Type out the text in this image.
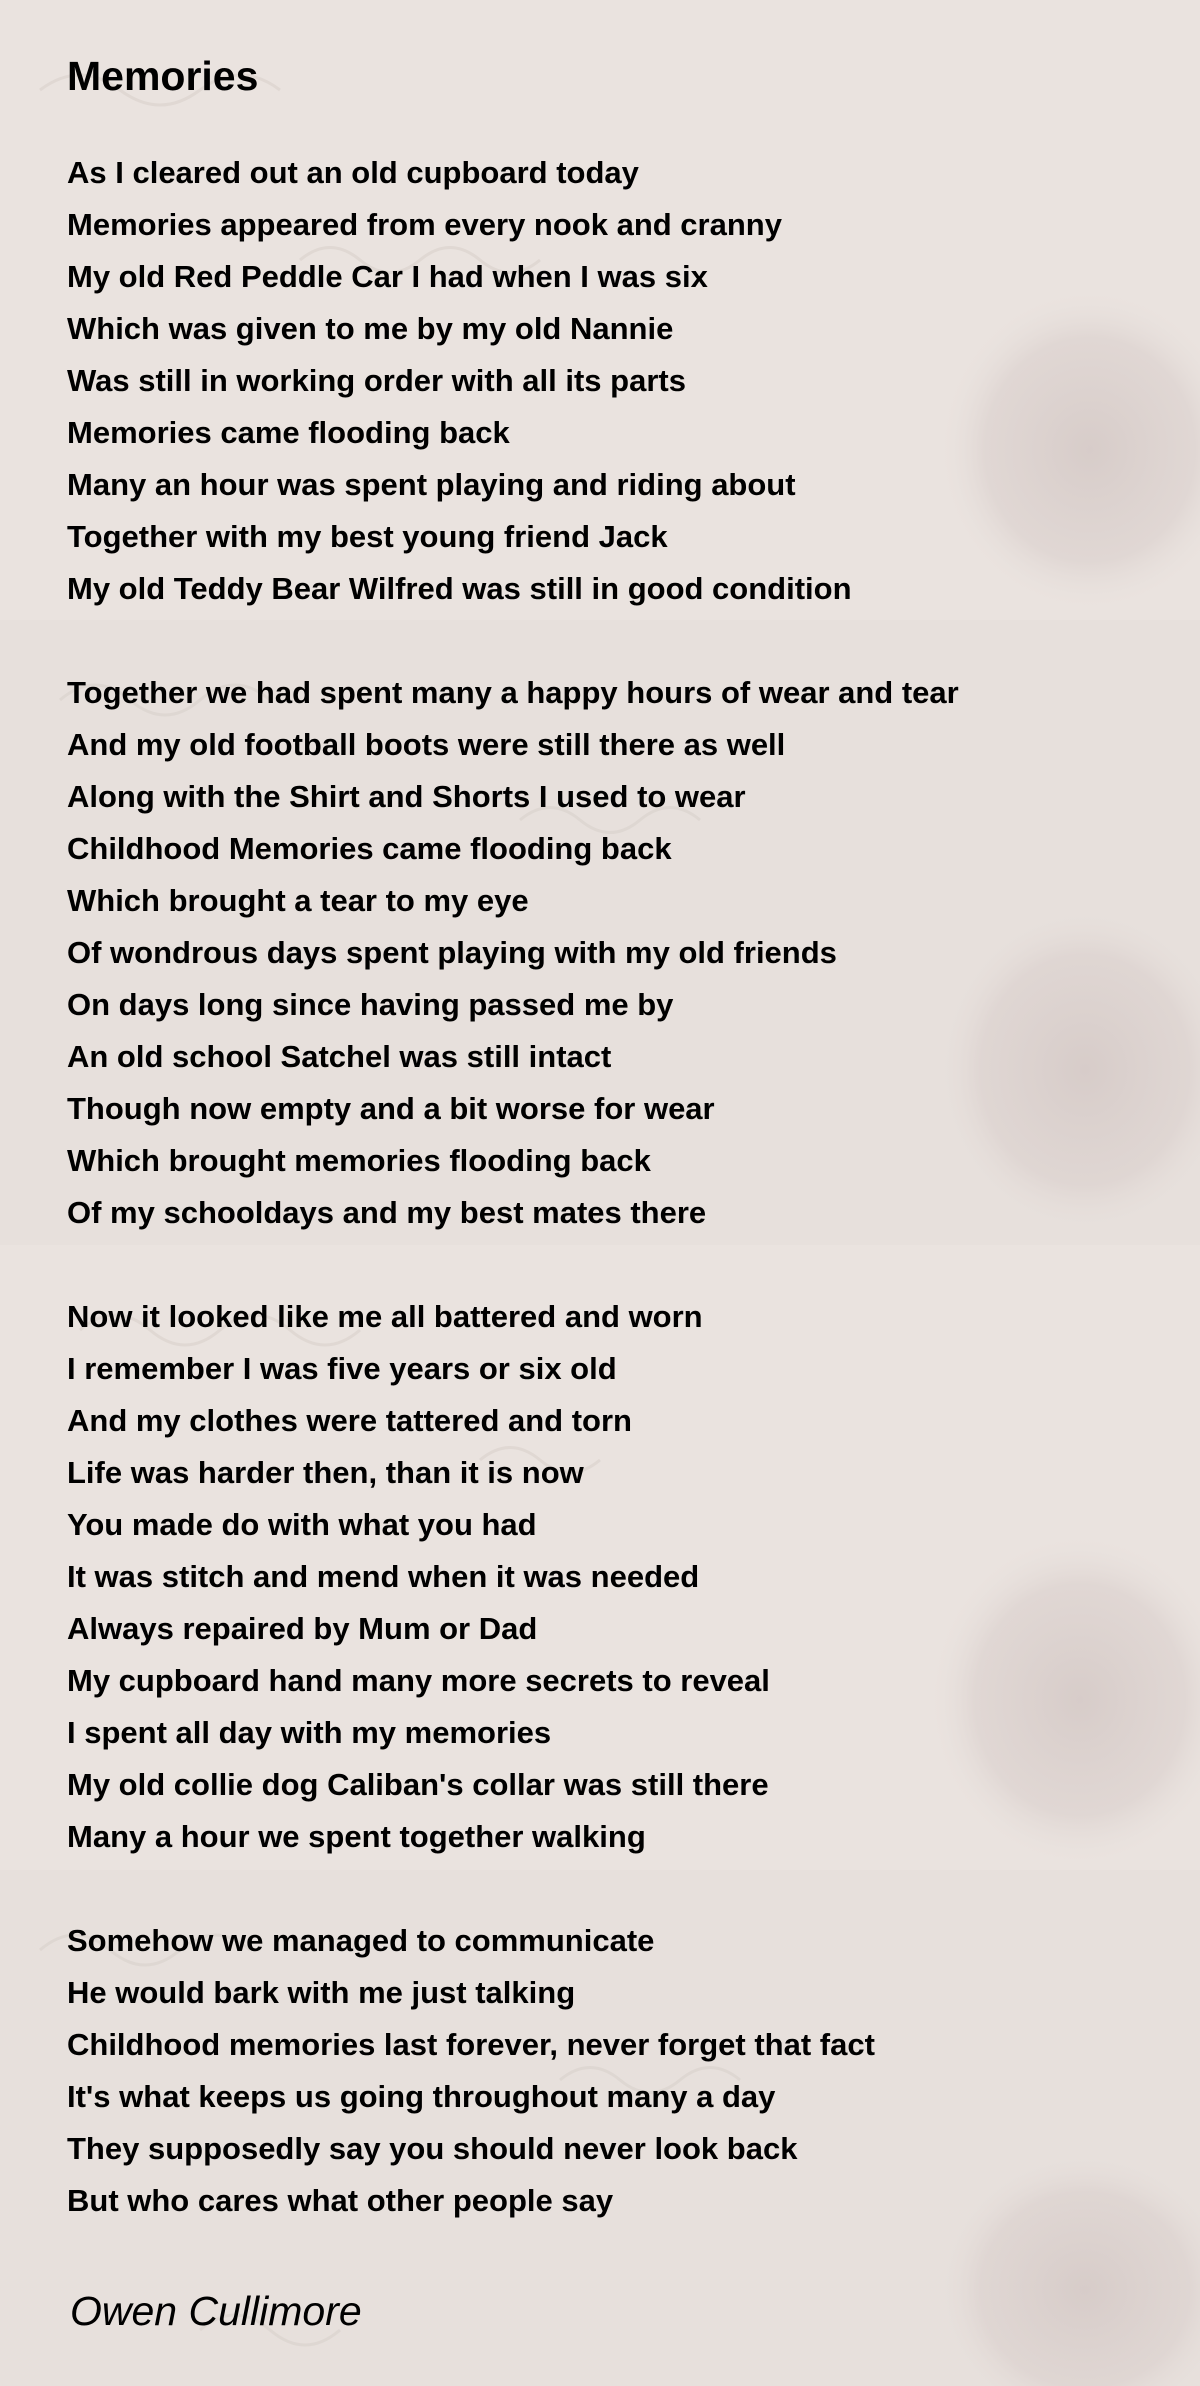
Memories
As I cleared out an old cupboard today
Memories appeared from every nook and cranny
My old Red Peddle Car I had when I was six
Which was given to me by my old Nannie
Was still in working order with all its parts
Memories came flooding back
Many an hour was spent playing and riding about
Together with my best young friend Jack
My old Teddy Bear Wilfred was still in good condition
Together we had spent many a happy hours of wear and tear
And my old football boots were still there as well
Along with the Shirt and Shorts I used to wear
Childhood Memories came flooding back
Which brought a tear to my eye
Of wondrous days spent playing with my old friends
On days long since having passed me by
An old school Satchel was still intact
Though now empty and a bit worse for wear
Which brought memories flooding back
Of my schooldays and my best mates there
Now it looked like me all battered and worn
I remember I was five years or six old
And my clothes were tattered and torn
Life was harder then, than it is now
You made do with what you had
It was stitch and mend when it was needed
Always repaired by Mum or Dad
My cupboard hand many more secrets to reveal
I spent all day with my memories
My old collie dog Caliban's collar was still there
Many a hour we spent together walking
Somehow we managed to communicate
He would bark with me just talking
Childhood memories last forever, never forget that fact
It's what keeps us going throughout many a day
They supposedly say you should never look back
But who cares what other people say
Owen Cullimore
